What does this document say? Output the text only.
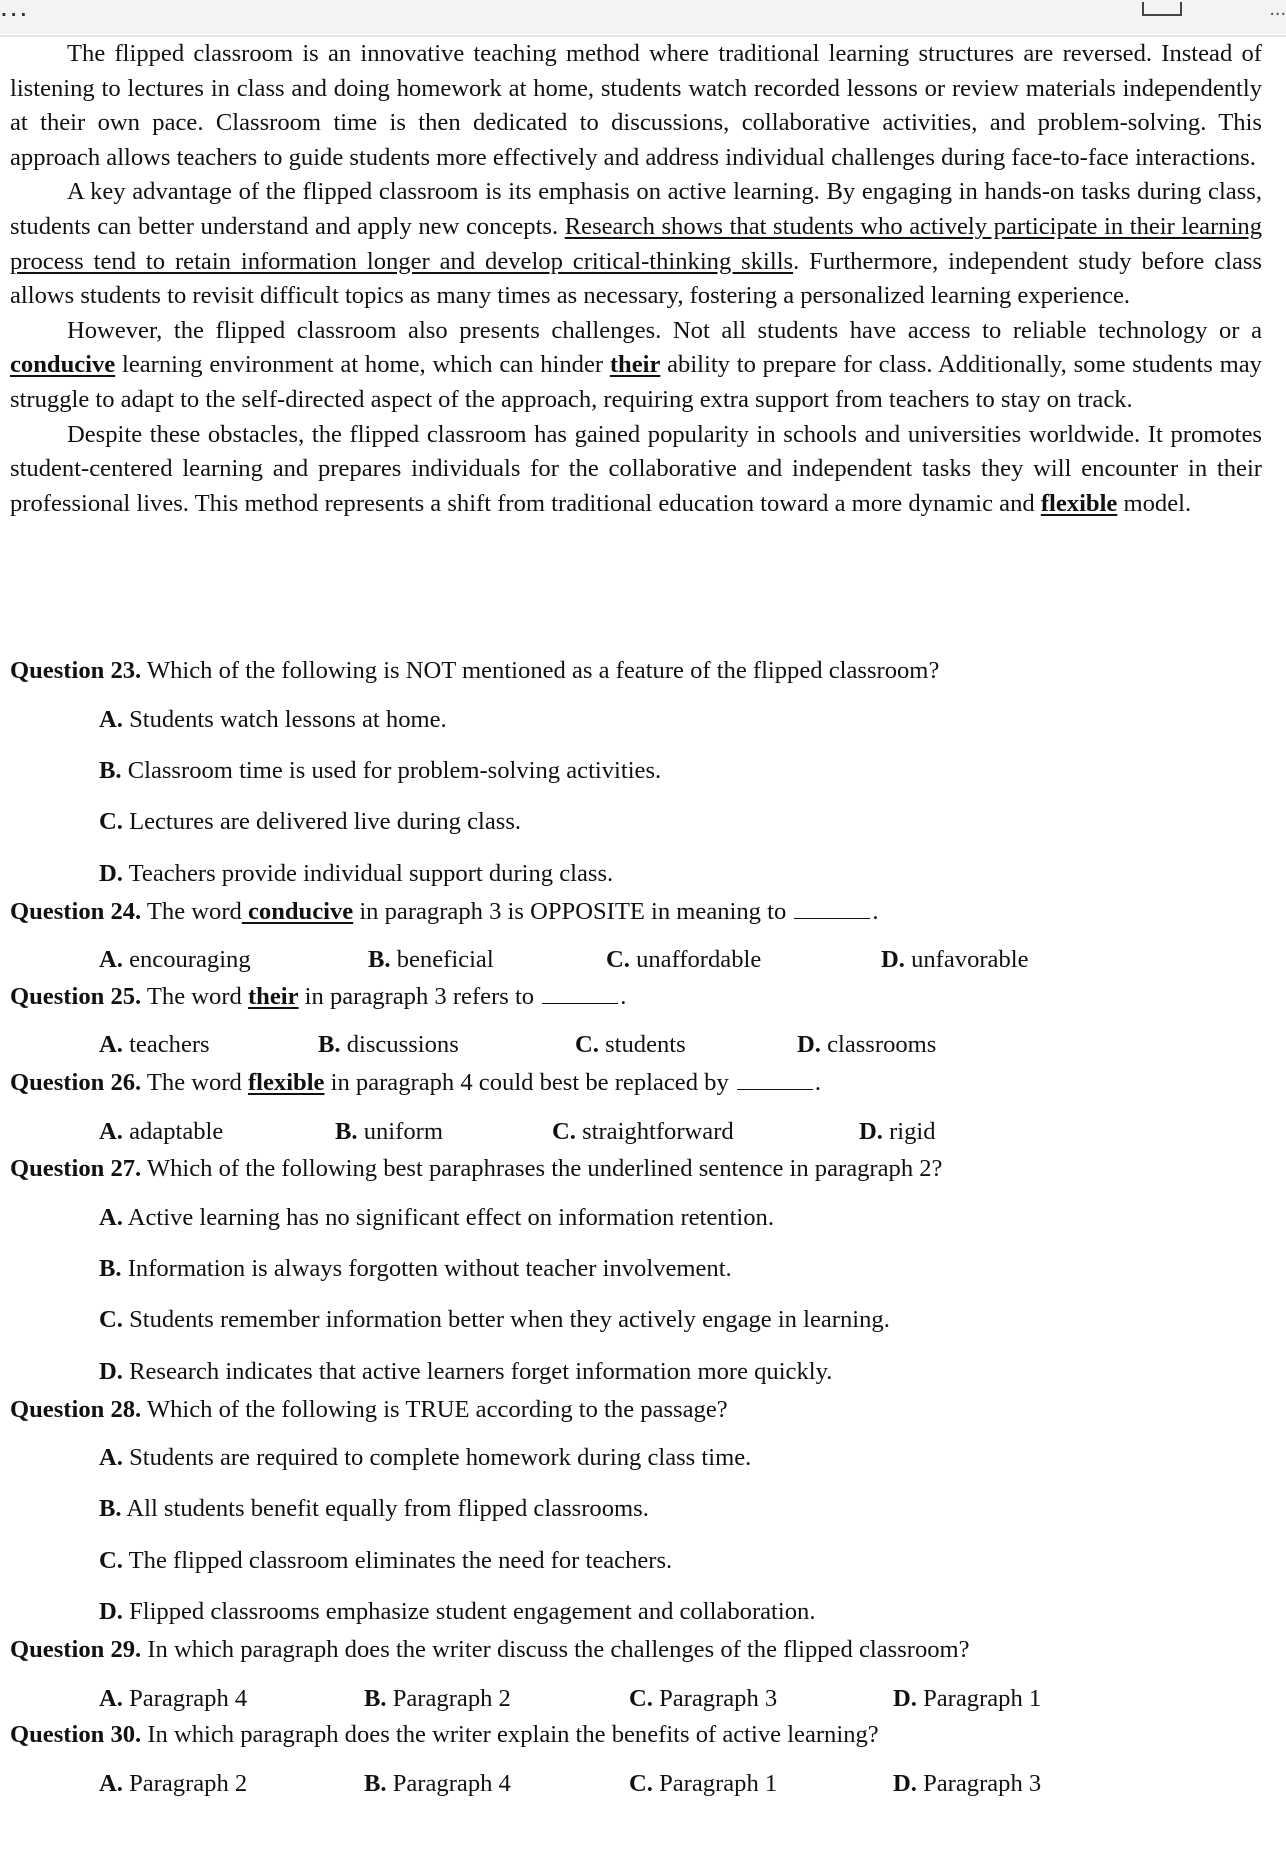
...	...

The flipped classroom is an innovative teaching method where traditional learning structures are reversed. Instead of listening to lectures in class and doing homework at home, students watch recorded lessons or review materials independently at their own pace. Classroom time is then dedicated to discussions, collaborative activities, and problem-solving. This approach allows teachers to guide students more effectively and address individual challenges during face-to-face interactions.

A key advantage of the flipped classroom is its emphasis on active learning. By engaging in hands-on tasks during class, students can better understand and apply new concepts. Research shows that students who actively participate in their learning process tend to retain information longer and develop critical-thinking skills. Furthermore, independent study before class allows students to revisit difficult topics as many times as necessary, fostering a personalized learning experience.

However, the flipped classroom also presents challenges. Not all students have access to reliable technology or a conducive learning environment at home, which can hinder their ability to prepare for class. Additionally, some students may struggle to adapt to the self-directed aspect of the approach, requiring extra support from teachers to stay on track.

Despite these obstacles, the flipped classroom has gained popularity in schools and universities worldwide. It promotes student-centered learning and prepares individuals for the collaborative and independent tasks they will encounter in their professional lives. This method represents a shift from traditional education toward a more dynamic and flexible model.

Question 23. Which of the following is NOT mentioned as a feature of the flipped classroom?
A. Students watch lessons at home.
B. Classroom time is used for problem-solving activities.
C. Lectures are delivered live during class.
D. Teachers provide individual support during class.
Question 24. The word conducive in paragraph 3 is OPPOSITE in meaning to	.
A. encouraging	B. beneficial	C. unaffordable	D. unfavorable
Question 25. The word their in paragraph 3 refers to	.
A. teachers	B. discussions	C. students	D. classrooms
Question 26. The word flexible in paragraph 4 could best be replaced by	.
A. adaptable	B. uniform	C. straightforward	D. rigid
Question 27. Which of the following best paraphrases the underlined sentence in paragraph 2?
A. Active learning has no significant effect on information retention.
B. Information is always forgotten without teacher involvement.
C. Students remember information better when they actively engage in learning.
D. Research indicates that active learners forget information more quickly.
Question 28. Which of the following is TRUE according to the passage?
A. Students are required to complete homework during class time.
B. All students benefit equally from flipped classrooms.
C. The flipped classroom eliminates the need for teachers.
D. Flipped classrooms emphasize student engagement and collaboration.
Question 29. In which paragraph does the writer discuss the challenges of the flipped classroom?
A. Paragraph 4	B. Paragraph 2	C. Paragraph 3	D. Paragraph 1
Question 30. In which paragraph does the writer explain the benefits of active learning?
A. Paragraph 2	B. Paragraph 4	C. Paragraph 1	D. Paragraph 3
